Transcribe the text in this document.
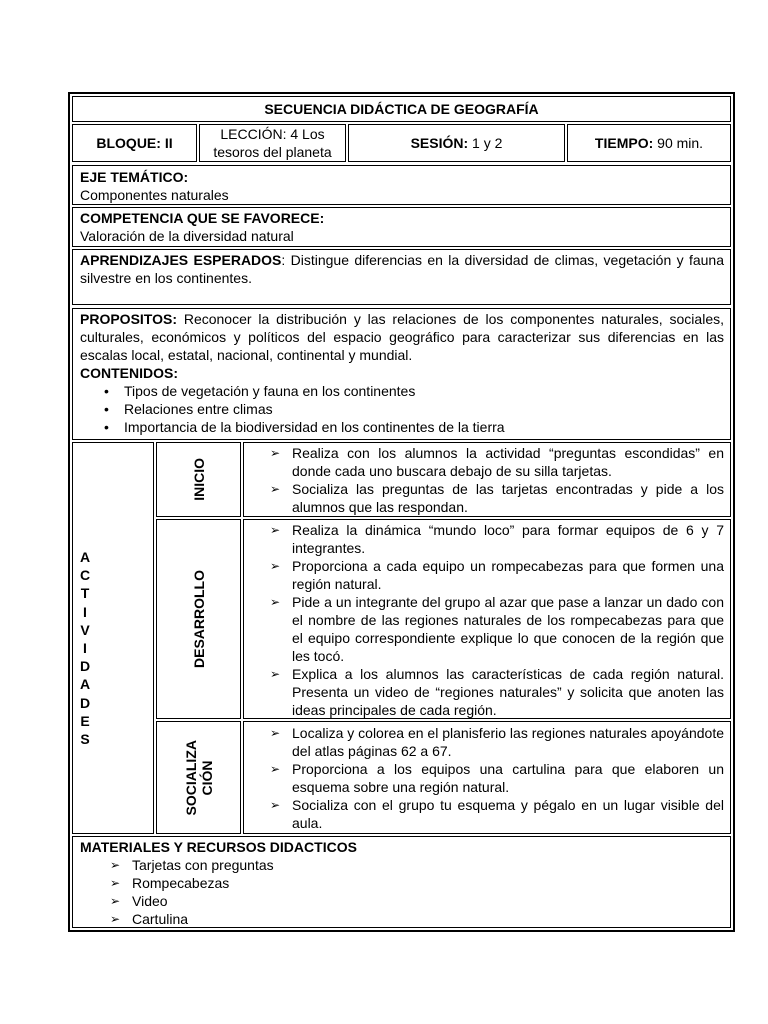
SECUENCIA DIDÁCTICA DE GEOGRAFÍA
BLOQUE:
II
LECCIÓN: 4 Los tesoros del planeta
SESIÓN:
1 y 2	TIEMPO:
90 min.
EJE TEMÁTICO:
Componentes naturales
COMPETENCIA QUE SE FAVORECE:
Valoración de la diversidad natural
APRENDIZAJES ESPERADOS: Distingue diferencias en la diversidad de climas, vegetación y fauna silvestre en los continentes.
PROPOSITOS: Reconocer la distribución y las relaciones de los componentes naturales, sociales, culturales, económicos y políticos del espacio geográfico para caracterizar sus diferencias en las escalas local, estatal, nacional, continental y mundial.
CONTENIDOS:
• Tipos de vegetación y fauna en los continentes
• Relaciones entre climas
• Importancia de la biodiversidad en los continentes de la tierra
A
C
T
I
V
I
D
A
D
E
S
INICIO
➢ Realiza con los alumnos la actividad “preguntas escondidas” en donde cada uno buscara debajo de su silla tarjetas.
➢ Socializa las preguntas de las tarjetas encontradas y pide a los alumnos que las respondan.
DESARROLLO
➢ Realiza la dinámica “mundo loco” para formar equipos de 6 y 7 integrantes.
➢ Proporciona a cada equipo un rompecabezas para que formen una región natural.
➢ Pide a un integrante del grupo al azar que pase a lanzar un dado con el nombre de las regiones naturales de los rompecabezas para que el equipo correspondiente explique lo que conocen de la región que les tocó.
➢ Explica a los alumnos las características de cada región natural. Presenta un video de “regiones naturales” y solicita que anoten las ideas principales de cada región.
SOCIALIZA
CIÓN
➢ Localiza y colorea en el planisferio las regiones naturales apoyándote del atlas páginas 62 a 67.
➢ Proporciona a los equipos una cartulina para que elaboren un esquema sobre una región natural.
➢ Socializa con el grupo tu esquema y pégalo en un lugar visible del aula.
MATERIALES Y RECURSOS DIDACTICOS
➢ Tarjetas con preguntas
➢ Rompecabezas
➢ Video
➢ Cartulina
